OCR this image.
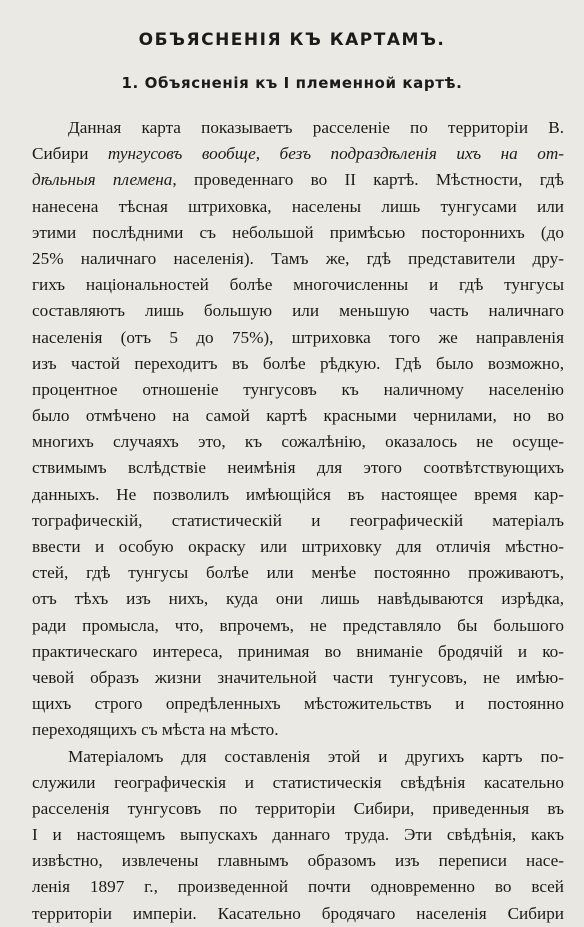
ОБЪЯСНЕНІЯ КЪ КАРТАМЪ.
1. Объясненія къ I племенной картѣ.
Данная карта показываетъ расселеніе по территоріи В.
Сибири тунгусовъ вообще, безъ подраздѣленія ихъ на от-
дѣльныя племена, проведеннаго во II картѣ. Мѣстности, гдѣ
нанесена тѣсная штриховка, населены лишь тунгусами или
этими послѣдними съ небольшой примѣсью постороннихъ (до
25% наличнаго населенія). Тамъ же, гдѣ представители дру-
гихъ національностей болѣе многочисленны и гдѣ тунгусы
составляютъ лишь большую или меньшую часть наличнаго
населенія (отъ 5 до 75%), штриховка того же направленія
изъ частой переходитъ въ болѣе рѣдкую. Гдѣ было возможно,
процентное отношеніе тунгусовъ къ наличному населенію
было отмѣчено на самой картѣ красными чернилами, но во
многихъ случаяхъ это, къ сожалѣнію, оказалось не осуще-
ствимымъ вслѣдствіе неимѣнія для этого соотвѣтствующихъ
данныхъ. Не позволилъ имѣющійся въ настоящее время кар-
тографическій, статистическій и географическій матеріалъ
ввести и особую окраску или штриховку для отличія мѣстно-
стей, гдѣ тунгусы болѣе или менѣе постоянно проживаютъ,
отъ тѣхъ изъ нихъ, куда они лишь навѣдываются изрѣдка,
ради промысла, что, впрочемъ, не представляло бы большого
практическаго интереса, принимая во вниманіе бродячій и ко-
чевой образъ жизни значительной части тунгусовъ, не имѣю-
щихъ строго опредѣленныхъ мѣстожительствъ и постоянно
переходящихъ съ мѣста на мѣсто.
Матеріаломъ для составленія этой и другихъ картъ по-
служили географическія и статистическія свѣдѣнія касательно
расселенія тунгусовъ по территоріи Сибири, приведенныя въ
I и настоящемъ выпускахъ даннаго труда. Эти свѣдѣнія, какъ
извѣстно, извлечены главнымъ образомъ изъ переписи насе-
ленія 1897 г., произведенной почти одновременно во всей
территоріи имперіи. Касательно бродячаго населенія Сибири
